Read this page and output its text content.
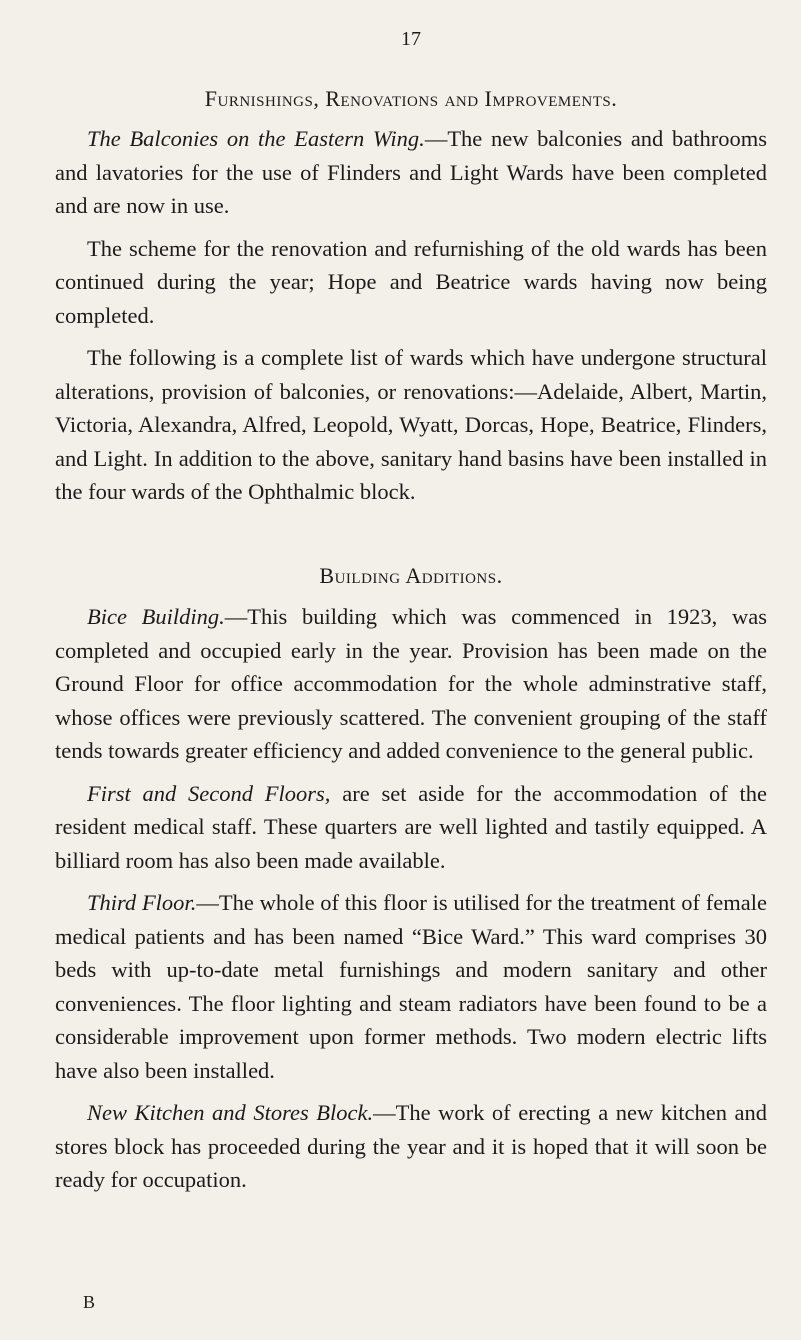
17
Furnishings, Renovations and Improvements.

The Balconies on the Eastern Wing.—The new balconies and bathrooms and lavatories for the use of Flinders and Light Wards have been completed and are now in use.

The scheme for the renovation and refurnishing of the old wards has been continued during the year; Hope and Beatrice wards having now being completed.

The following is a complete list of wards which have undergone structural alterations, provision of balconies, or renovations:—Adelaide, Albert, Martin, Victoria, Alexandra, Alfred, Leopold, Wyatt, Dorcas, Hope, Beatrice, Flinders, and Light. In addition to the above, sanitary hand basins have been installed in the four wards of the Ophthalmic block.

Building Additions.

Bice Building.—This building which was commenced in 1923, was completed and occupied early in the year. Provision has been made on the Ground Floor for office accommodation for the whole adminstrative staff, whose offices were previously scattered. The convenient grouping of the staff tends towards greater efficiency and added convenience to the general public.

First and Second Floors, are set aside for the accommodation of the resident medical staff. These quarters are well lighted and tastily equipped. A billiard room has also been made available.

Third Floor.—The whole of this floor is utilised for the treatment of female medical patients and has been named “Bice Ward.” This ward comprises 30 beds with up-to-date metal furnishings and modern sanitary and other conveniences. The floor lighting and steam radiators have been found to be a considerable improvement upon former methods. Two modern electric lifts have also been installed.

New Kitchen and Stores Block.—The work of erecting a new kitchen and stores block has proceeded during the year and it is hoped that it will soon be ready for occupation.

B
